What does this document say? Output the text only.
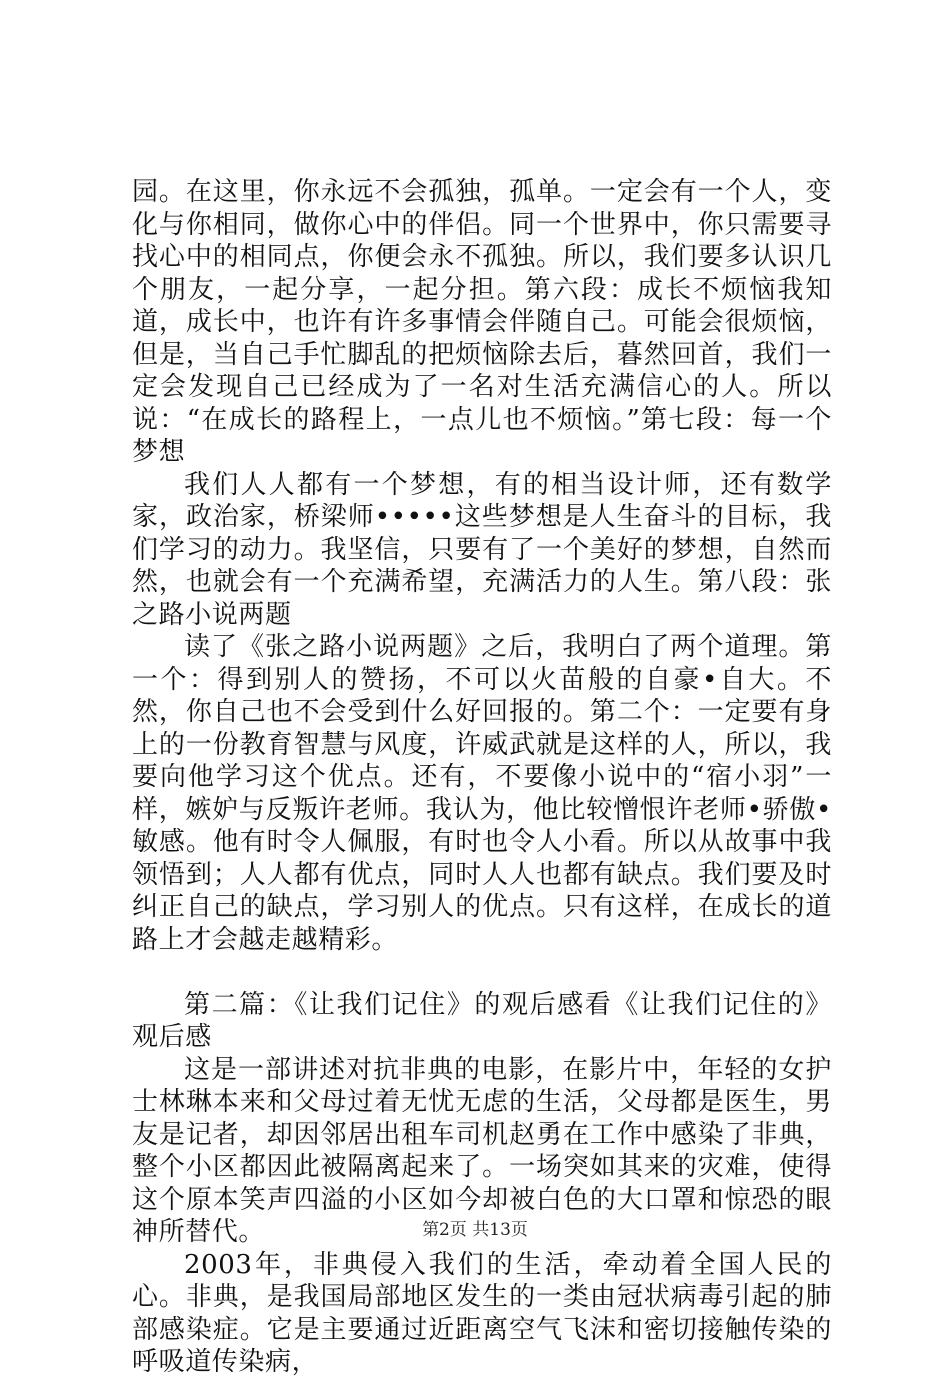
园。在这里，你永远不会孤独，孤单。一定会有一个人，变化与你相同，做你心中的伴侣。同一个世界中，你只需要寻找心中的相同点，你便会永不孤独。所以，我们要多认识几个朋友，一起分享，一起分担。第六段：成长不烦恼我知道，成长中，也许有许多事情会伴随自己。可能会很烦恼，但是，当自己手忙脚乱的把烦恼除去后，暮然回首，我们一定会发现自己已经成为了一名对生活充满信心的人。所以说：“在成长的路程上，一点儿也不烦恼。”第七段：每一个梦想

我们人人都有一个梦想，有的相当设计师，还有数学家，政治家，桥梁师•••••这些梦想是人生奋斗的目标，我们学习的动力。我坚信，只要有了一个美好的梦想，自然而然，也就会有一个充满希望，充满活力的人生。第八段：张之路小说两题

读了《张之路小说两题》之后，我明白了两个道理。第一个：得到别人的赞扬，不可以火苗般的自豪•自大。不然，你自己也不会受到什么好回报的。第二个：一定要有身上的一份教育智慧与风度，许威武就是这样的人，所以，我要向他学习这个优点。还有，不要像小说中的“宿小羽”一样，嫉妒与反叛许老师。我认为，他比较憎恨许老师•骄傲•敏感。他有时令人佩服，有时也令人小看。所以从故事中我领悟到；人人都有优点，同时人人也都有缺点。我们要及时纠正自己的缺点，学习别人的优点。只有这样，在成长的道路上才会越走越精彩。

第二篇：《让我们记住》的观后感看《让我们记住的》观后感

这是一部讲述对抗非典的电影，在影片中，年轻的女护士林琳本来和父母过着无忧无虑的生活，父母都是医生，男友是记者，却因邻居出租车司机赵勇在工作中感染了非典，整个小区都因此被隔离起来了。一场突如其来的灾难，使得这个原本笑声四溢的小区如今却被白色的大口罩和惊恐的眼神所替代。

2003年，非典侵入我们的生活，牵动着全国人民的心。非典，是我国局部地区发生的一类由冠状病毒引起的肺部感染症。它是主要通过近距离空气飞沫和密切接触传染的呼吸道传染病，

第2页 共13页
